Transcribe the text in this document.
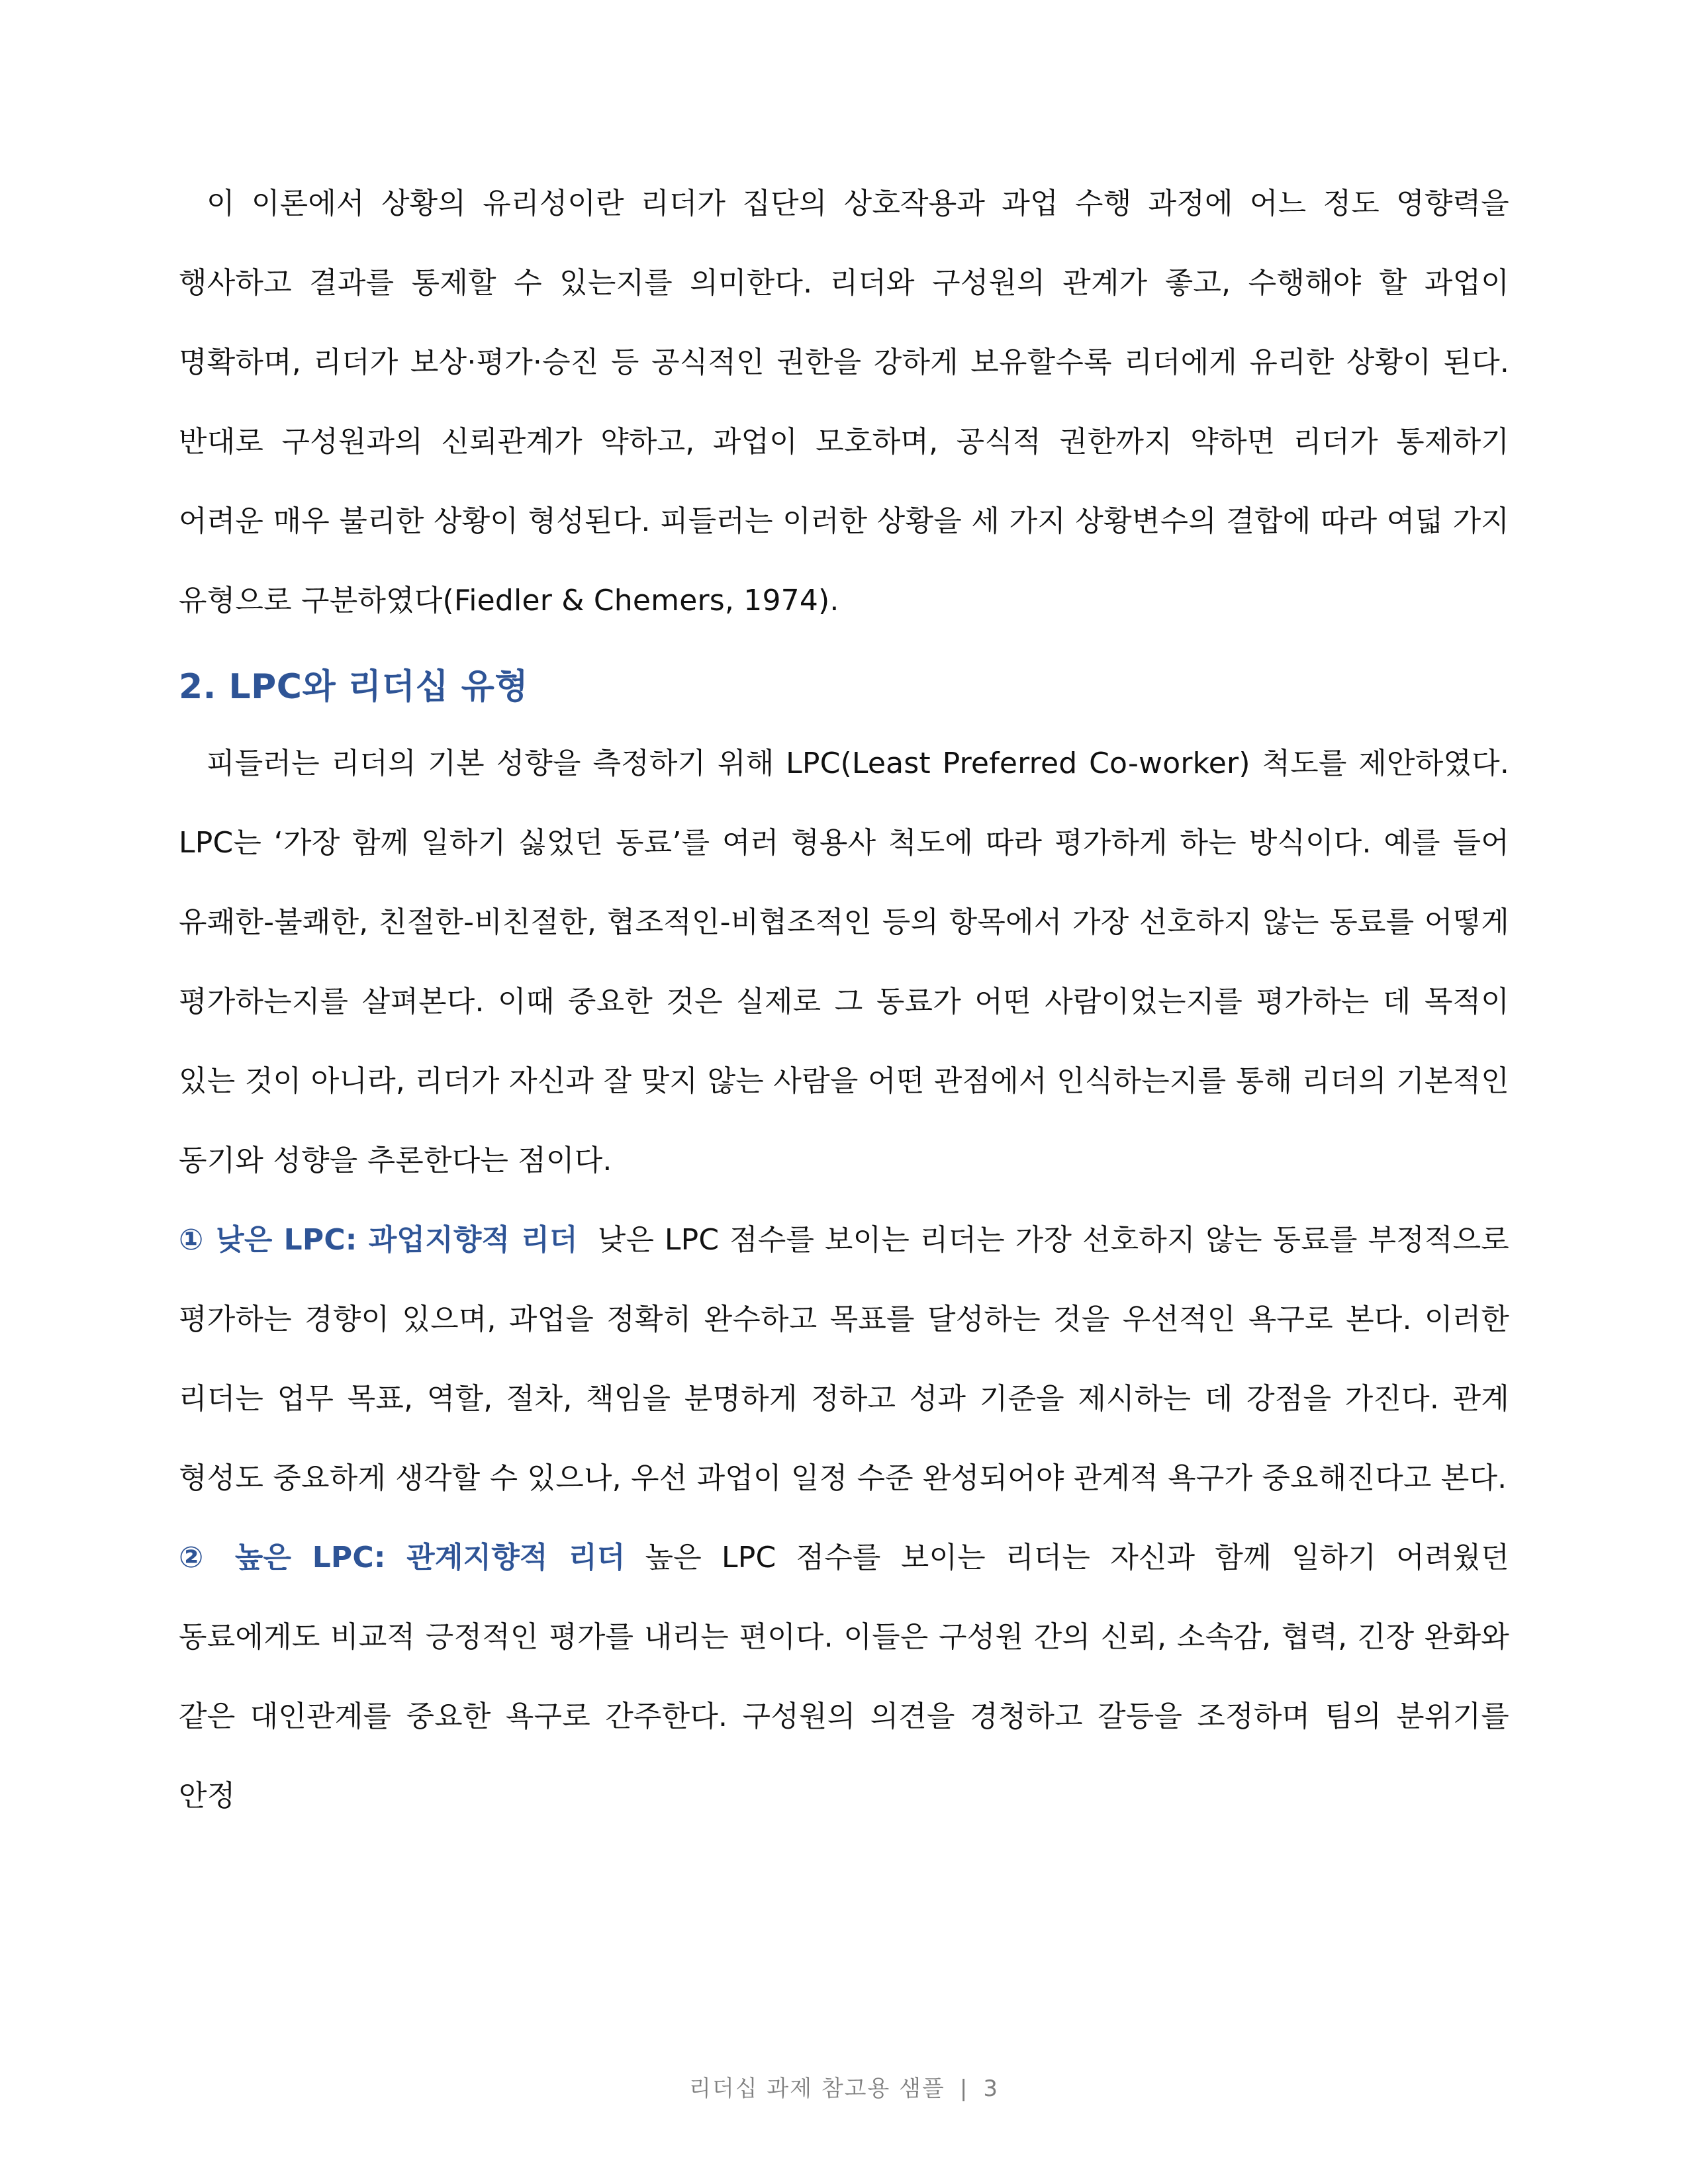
이 이론에서 상황의 유리성이란 리더가 집단의 상호작용과 과업 수행 과정에 어느 정도 영향력을 행사하고 결과를 통제할 수 있는지를 의미한다. 리더와 구성원의 관계가 좋고, 수행해야 할 과업이 명확하며, 리더가 보상·평가·승진 등 공식적인 권한을 강하게 보유할수록 리더에게 유리한 상황이 된다. 반대로 구성원과의 신뢰관계가 약하고, 과업이 모호하며, 공식적 권한까지 약하면 리더가 통제하기 어려운 매우 불리한 상황이 형성된다. 피들러는 이러한 상황을 세 가지 상황변수의 결합에 따라 여덟 가지 유형으로 구분하였다(Fiedler & Chemers, 1974).

2. LPC와 리더십 유형

피들러는 리더의 기본 성향을 측정하기 위해 LPC(Least Preferred Co-worker) 척도를 제안하였다. LPC는 ‘가장 함께 일하기 싫었던 동료’를 여러 형용사 척도에 따라 평가하게 하는 방식이다. 예를 들어 유쾌한-불쾌한, 친절한-비친절한, 협조적인-비협조적인 등의 항목에서 가장 선호하지 않는 동료를 어떻게 평가하는지를 살펴본다. 이때 중요한 것은 실제로 그 동료가 어떤 사람이었는지를 평가하는 데 목적이 있는 것이 아니라, 리더가 자신과 잘 맞지 않는 사람을 어떤 관점에서 인식하는지를 통해 리더의 기본적인 동기와 성향을 추론한다는 점이다.

① 낮은 LPC: 과업지향적 리더 낮은 LPC 점수를 보이는 리더는 가장 선호하지 않는 동료를 부정적으로 평가하는 경향이 있으며, 과업을 정확히 완수하고 목표를 달성하는 것을 우선적인 욕구로 본다. 이러한 리더는 업무 목표, 역할, 절차, 책임을 분명하게 정하고 성과 기준을 제시하는 데 강점을 가진다. 관계 형성도 중요하게 생각할 수 있으나, 우선 과업이 일정 수준 완성되어야 관계적 욕구가 중요해진다고 본다.

② 높은 LPC: 관계지향적 리더 높은 LPC 점수를 보이는 리더는 자신과 함께 일하기 어려웠던 동료에게도 비교적 긍정적인 평가를 내리는 편이다. 이들은 구성원 간의 신뢰, 소속감, 협력, 긴장 완화와 같은 대인관계를 중요한 욕구로 간주한다. 구성원의 의견을 경청하고 갈등을 조정하며 팀의 분위기를 안정

리더십 과제 참고용 샘플 | 3
